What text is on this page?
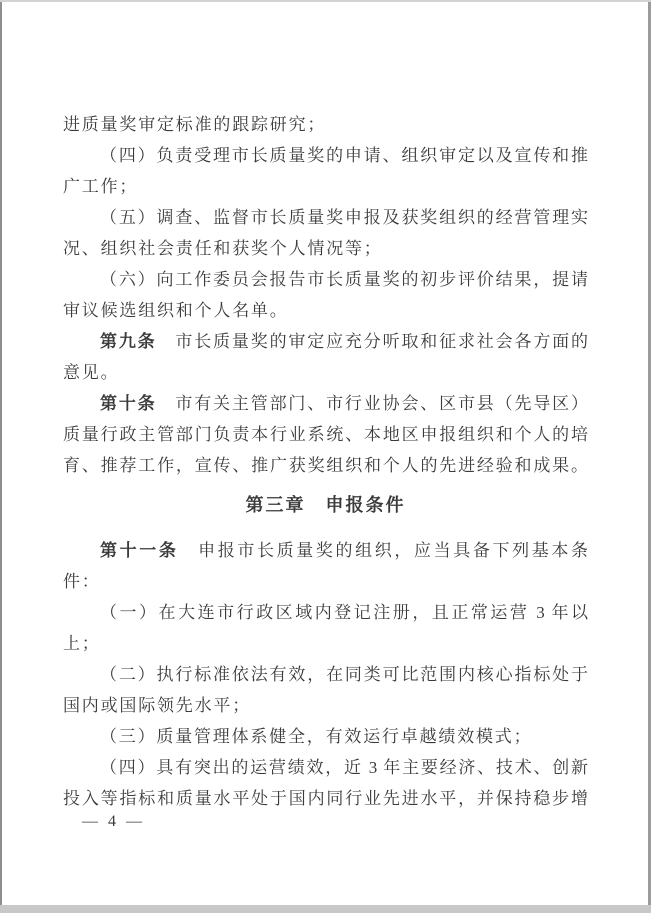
进质量奖审定标准的跟踪研究；
（四）负责受理市长质量奖的申请、组织审定以及宣传和推
广工作；
（五）调查、监督市长质量奖申报及获奖组织的经营管理实
况、组织社会责任和获奖个人情况等；
（六）向工作委员会报告市长质量奖的初步评价结果，提请
审议候选组织和个人名单。
第九条　市长质量奖的审定应充分听取和征求社会各方面的
意见。
第十条　市有关主管部门、市行业协会、区市县（先导区）
质量行政主管部门负责本行业系统、本地区申报组织和个人的培
育、推荐工作，宣传、推广获奖组织和个人的先进经验和成果。
第三章　申报条件
第十一条　申报市长质量奖的组织，应当具备下列基本条
件：
（一）在大连市行政区域内登记注册，且正常运营 3 年以
上；
（二）执行标准依法有效，在同类可比范围内核心指标处于
国内或国际领先水平；
（三）质量管理体系健全，有效运行卓越绩效模式；
（四）具有突出的运营绩效，近 3 年主要经济、技术、创新
投入等指标和质量水平处于国内同行业先进水平，并保持稳步增
— 4 —
